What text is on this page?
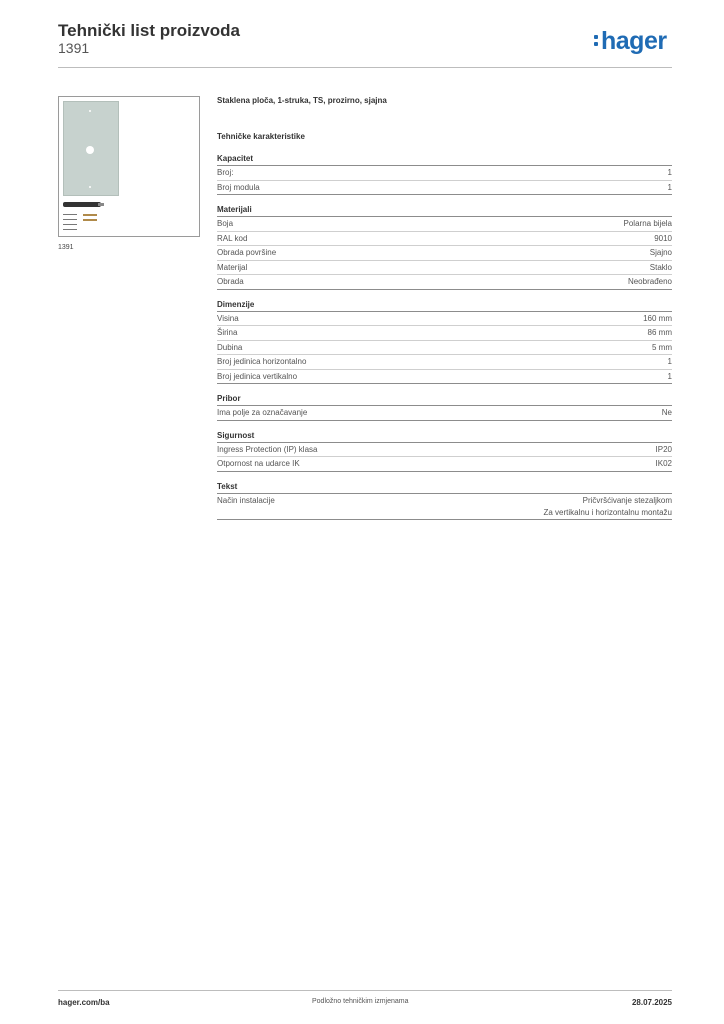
Tehnički list proizvoda
1391	hager
1391
Staklena ploča, 1-struka, TS, prozirno, sjajna
Tehničke karakteristike
Kapacitet
Broj:	1
Broj modula	1
Materijali
Boja	Polarna bijela
RAL kod	9010
Obrada površine	Sjajno
Materijal	Staklo
Obrada	Neobrađeno
Dimenzije
Visina	160 mm
Širina	86 mm
Dubina	5 mm
Broj jedinica horizontalno	1
Broj jedinica vertikalno	1
Pribor
Ima polje za označavanje	Ne
Sigurnost
Ingress Protection (IP) klasa	IP20
Otpornost na udarce IK	IK02
Tekst
Način instalacije	Pričvršćivanje stezaljkom
Za vertikalnu i horizontalnu montažu
hager.com/ba	Podložno tehničkim izmjenama	28.07.2025
